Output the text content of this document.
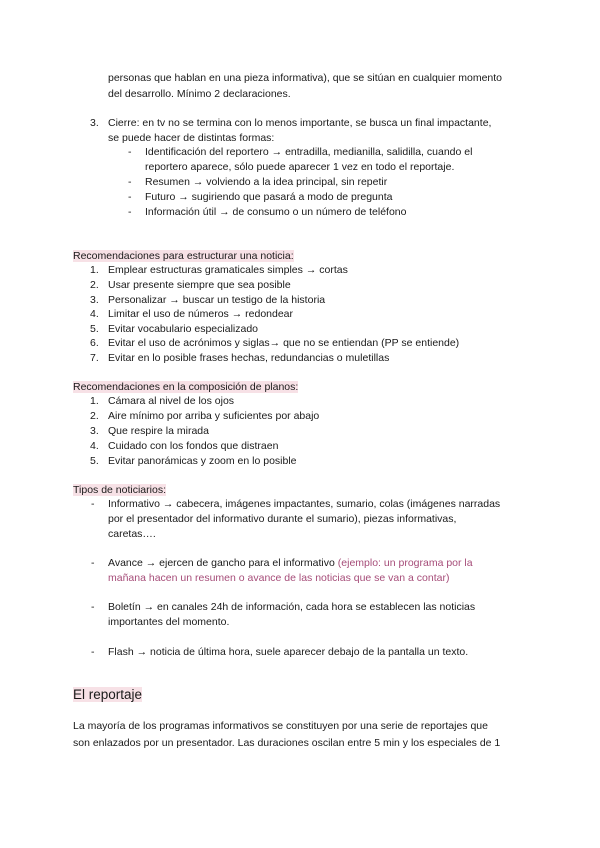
personas que hablan en una pieza informativa), que se sitúan en cualquier momento
del desarrollo. Mínimo 2 declaraciones.
3. Cierre: en tv no se termina con lo menos importante, se busca un final impactante,
se puede hacer de distintas formas:
- Identificación del reportero → entradilla, medianilla, salidilla, cuando el
reportero aparece, sólo puede aparecer 1 vez en todo el reportaje.
- Resumen → volviendo a la idea principal, sin repetir
- Futuro → sugiriendo que pasará a modo de pregunta
- Información útil → de consumo o un número de teléfono
Recomendaciones para estructurar una noticia:
1. Emplear estructuras gramaticales simples → cortas
2. Usar presente siempre que sea posible
3. Personalizar → buscar un testigo de la historia
4. Limitar el uso de números → redondear
5. Evitar vocabulario especializado
6. Evitar el uso de acrónimos y siglas→ que no se entiendan (PP se entiende)
7. Evitar en lo posible frases hechas, redundancias o muletillas
Recomendaciones en la composición de planos:
1. Cámara al nivel de los ojos
2. Aire mínimo por arriba y suficientes por abajo
3. Que respire la mirada
4. Cuidado con los fondos que distraen
5. Evitar panorámicas y zoom en lo posible
Tipos de noticiarios:
- Informativo → cabecera, imágenes impactantes, sumario, colas (imágenes narradas
por el presentador del informativo durante el sumario), piezas informativas,
caretas….
- Avance → ejercen de gancho para el informativo (ejemplo: un programa por la
mañana hacen un resumen o avance de las noticias que se van a contar)
- Boletín → en canales 24h de información, cada hora se establecen las noticias
importantes del momento.
- Flash → noticia de última hora, suele aparecer debajo de la pantalla un texto.
El reportaje
La mayoría de los programas informativos se constituyen por una serie de reportajes que
son enlazados por un presentador. Las duraciones oscilan entre 5 min y los especiales de 1
